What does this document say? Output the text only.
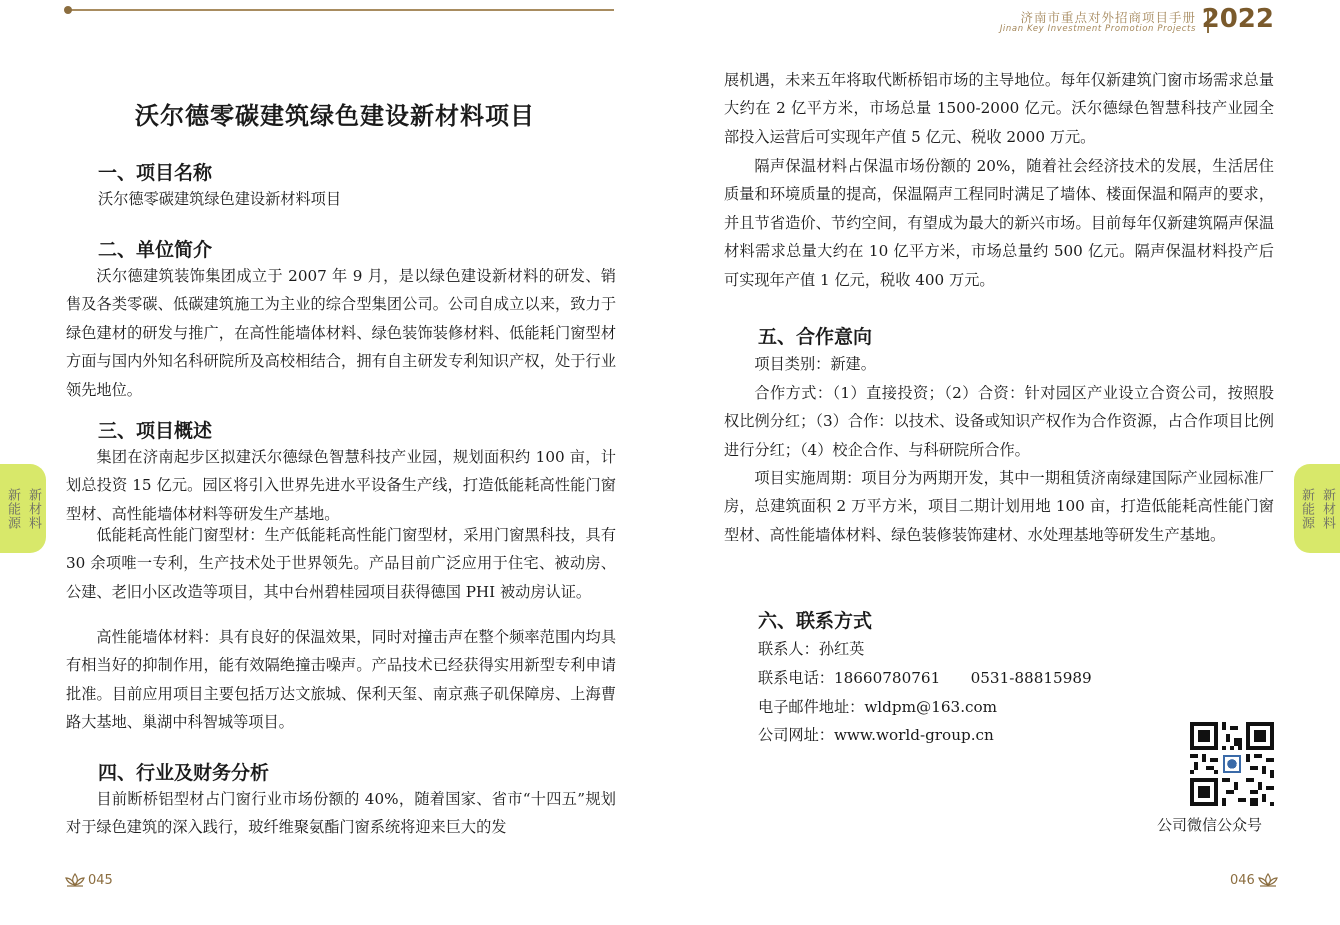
沃尔德零碳建筑绿色建设新材料项目
一、项目名称
沃尔德零碳建筑绿色建设新材料项目
二、单位简介
沃尔德建筑装饰集团成立于 2007 年 9 月，是以绿色建设新材料的研发、销售及各类零碳、低碳建筑施工为主业的综合型集团公司。公司自成立以来，致力于绿色建材的研发与推广，在高性能墙体材料、绿色装饰装修材料、低能耗门窗型材方面与国内外知名科研院所及高校相结合，拥有自主研发专利知识产权，处于行业领先地位。
三、项目概述
集团在济南起步区拟建沃尔德绿色智慧科技产业园，规划面积约 100 亩，计划总投资 15 亿元。园区将引入世界先进水平设备生产线，打造低能耗高性能门窗型材、高性能墙体材料等研发生产基地。
低能耗高性能门窗型材：生产低能耗高性能门窗型材，采用门窗黑科技，具有 30 余项唯一专利，生产技术处于世界领先。产品目前广泛应用于住宅、被动房、公建、老旧小区改造等项目，其中台州碧桂园项目获得德国 PHI 被动房认证。
高性能墙体材料：具有良好的保温效果，同时对撞击声在整个频率范围内均具有相当好的抑制作用，能有效隔绝撞击噪声。产品技术已经获得实用新型专利申请批准。目前应用项目主要包括万达文旅城、保利天玺、南京燕子矶保障房、上海曹路大基地、巢湖中科智城等项目。
四、行业及财务分析
目前断桥铝型材占门窗行业市场份额的 40%，随着国家、省市“十四五”规划对于绿色建筑的深入践行，玻纤维聚氨酯门窗系统将迎来巨大的发
新能源 新材料
045
济南市重点对外招商项目手册
Jinan Key Investment Promotion Projects 2022
展机遇，未来五年将取代断桥铝市场的主导地位。每年仅新建筑门窗市场需求总量大约在 2 亿平方米，市场总量 1500-2000 亿元。沃尔德绿色智慧科技产业园全部投入运营后可实现年产值 5 亿元、税收 2000 万元。
隔声保温材料占保温市场份额的 20%，随着社会经济技术的发展，生活居住质量和环境质量的提高，保温隔声工程同时满足了墙体、楼面保温和隔声的要求，并且节省造价、节约空间，有望成为最大的新兴市场。目前每年仅新建筑隔声保温材料需求总量大约在 10 亿平方米，市场总量约 500 亿元。隔声保温材料投产后可实现年产值 1 亿元，税收 400 万元。
五、合作意向
项目类别：新建。
合作方式：（1）直接投资；（2）合资：针对园区产业设立合资公司，按照股权比例分红；（3）合作：以技术、设备或知识产权作为合作资源，占合作项目比例进行分红；（4）校企合作、与科研院所合作。
项目实施周期：项目分为两期开发，其中一期租赁济南绿建国际产业园标准厂房，总建筑面积 2 万平方米，项目二期计划用地 100 亩，打造低能耗高性能门窗型材、高性能墙体材料、绿色装修装饰建材、水处理基地等研发生产基地。
六、联系方式
联系人：孙红英
联系电话：18660780761　　0531-88815989
电子邮件地址：wldpm@163.com
公司网址：www.world-group.cn
公司微信公众号
新能源 新材料
046
